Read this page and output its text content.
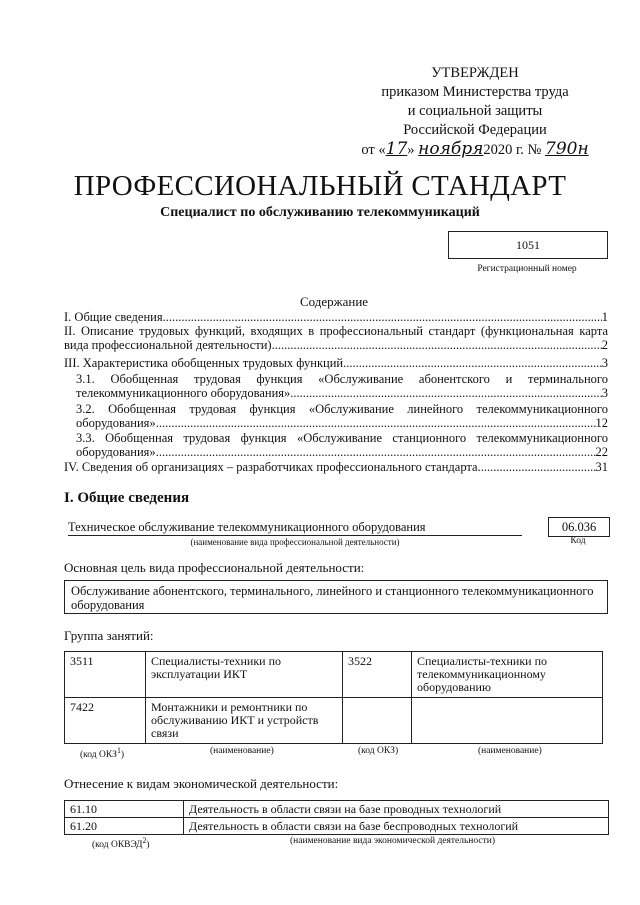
УТВЕРЖДЕН
приказом Министерства труда
и социальной защиты
Российской Федерации
от «17» ноября2020 г. № 790н
ПРОФЕССИОНАЛЬНЫЙ СТАНДАРТ
Специалист по обслуживанию телекоммуникаций
1051
Регистрационный номер
Содержание
I. Общие сведения .....	1
II. Описание трудовых функций, входящих в профессиональный стандарт (функциональная карта
вида профессиональной деятельности) .....	2
III. Характеристика обобщенных трудовых функций .....	3
3.1. Обобщенная трудовая функция «Обслуживание абонентского и терминального
телекоммуникационного оборудования» .....	3
3.2. Обобщенная трудовая функция «Обслуживание линейного телекоммуникационного
оборудования» .....	12
3.3. Обобщенная трудовая функция «Обслуживание станционного телекоммуникационного
оборудования» .....	22
IV. Сведения об организациях – разработчиках профессионального стандарта .....	31
I. Общие сведения
Техническое обслуживание телекоммуникационного оборудования
(наименование вида профессиональной деятельности)
06.036
Код
Основная цель вида профессиональной деятельности:
Обслуживание абонентского, терминального, линейного и станционного телекоммуникационного оборудования
Группа занятий:
3511	Специалисты-техники по эксплуатации ИКТ	3522	Специалисты-техники по телекоммуникационному оборудованию
7422	Монтажники и ремонтники по обслуживанию ИКТ и устройств связи		
(код ОКЗ$^1$)	(наименование)	(код ОКЗ)	(наименование)
Отнесение к видам экономической деятельности:
61.10	Деятельность в области связи на базе проводных технологий
61.20	Деятельность в области связи на базе беспроводных технологий
(код ОКВЭД$^2$)	(наименование вида экономической деятельности)
